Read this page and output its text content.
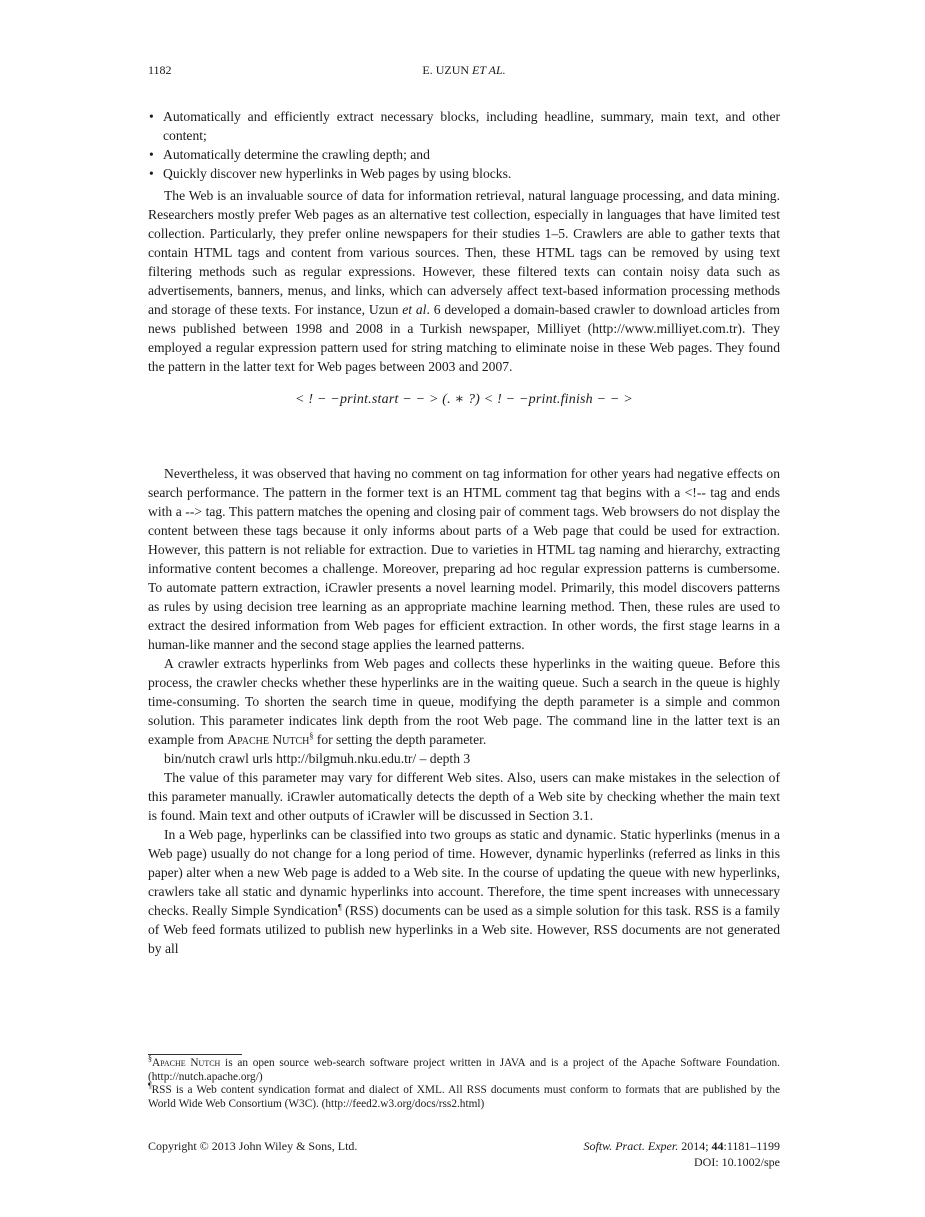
1182	E. UZUN ET AL.
• Automatically and efficiently extract necessary blocks, including headline, summary, main text, and other content;
• Automatically determine the crawling depth; and
• Quickly discover new hyperlinks in Web pages by using blocks.

The Web is an invaluable source of data for information retrieval, natural language processing, and data mining. Researchers mostly prefer Web pages as an alternative test collection, especially in languages that have limited test collection. Particularly, they prefer online newspapers for their studies 1–5. Crawlers are able to gather texts that contain HTML tags and content from various sources. Then, these HTML tags can be removed by using text filtering methods such as regular expressions. However, these filtered texts can contain noisy data such as advertisements, banners, menus, and links, which can adversely affect text-based information processing methods and storage of these texts. For instance, Uzun et al. 6 developed a domain-based crawler to download articles from news published between 1998 and 2008 in a Turkish newspaper, Milliyet (http://www.milliyet.com.tr). They employed a regular expression pattern used for string matching to eliminate noise in these Web pages. They found the pattern in the latter text for Web pages between 2003 and 2007.

< ! − −print.start − − > (. ∗ ?) < ! − −print.finish − − >

Nevertheless, it was observed that having no comment on tag information for other years had negative effects on search performance. The pattern in the former text is an HTML comment tag that begins with a <!-- tag and ends with a --> tag. This pattern matches the opening and closing pair of comment tags. Web browsers do not display the content between these tags because it only informs about parts of a Web page that could be used for extraction. However, this pattern is not reliable for extraction. Due to varieties in HTML tag naming and hierarchy, extracting informative content becomes a challenge. Moreover, preparing ad hoc regular expression patterns is cumbersome. To automate pattern extraction, iCrawler presents a novel learning model. Primarily, this model discovers patterns as rules by using decision tree learning as an appropriate machine learning method. Then, these rules are used to extract the desired information from Web pages for efficient extraction. In other words, the first stage learns in a human-like manner and the second stage applies the learned patterns.

A crawler extracts hyperlinks from Web pages and collects these hyperlinks in the waiting queue. Before this process, the crawler checks whether these hyperlinks are in the waiting queue. Such a search in the queue is highly time-consuming. To shorten the search time in queue, modifying the depth parameter is a simple and common solution. This parameter indicates link depth from the root Web page. The command line in the latter text is an example from Apache Nutch§ for setting the depth parameter.

bin/nutch crawl urls http://bilgmuh.nku.edu.tr/ – depth 3

The value of this parameter may vary for different Web sites. Also, users can make mistakes in the selection of this parameter manually. iCrawler automatically detects the depth of a Web site by checking whether the main text is found. Main text and other outputs of iCrawler will be discussed in Section 3.1.

In a Web page, hyperlinks can be classified into two groups as static and dynamic. Static hyperlinks (menus in a Web page) usually do not change for a long period of time. However, dynamic hyperlinks (referred as links in this paper) alter when a new Web page is added to a Web site. In the course of updating the queue with new hyperlinks, crawlers take all static and dynamic hyperlinks into account. Therefore, the time spent increases with unnecessary checks. Really Simple Syndication¶ (RSS) documents can be used as a simple solution for this task. RSS is a family of Web feed formats utilized to publish new hyperlinks in a Web site. However, RSS documents are not generated by all

§Apache Nutch is an open source web-search software project written in JAVA and is a project of the Apache Software Foundation. (http://nutch.apache.org/)

¶RSS is a Web content syndication format and dialect of XML. All RSS documents must conform to formats that are published by the World Wide Web Consortium (W3C). (http://feed2.w3.org/docs/rss2.html)

Copyright © 2013 John Wiley & Sons, Ltd.	Softw. Pract. Exper. 2014; 44:1181–1199
DOI: 10.1002/spe
